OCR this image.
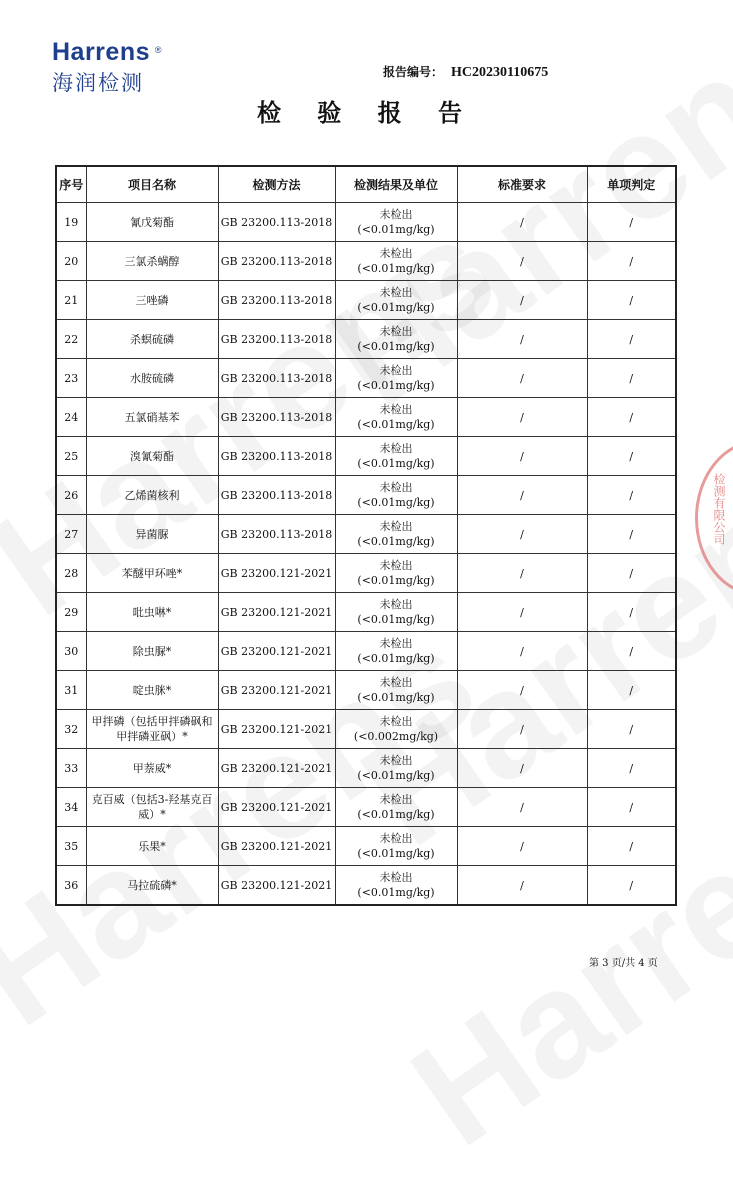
Harrens ®
海润检测	报告编号： HC20230110675
检 验 报 告
序号	项目名称	检测方法	检测结果及单位	标准要求	单项判定
19	氰戊菊酯	GB 23200.113-2018	未检出
(<0.01mg/kg)	/	/
20	三氯杀螨醇	GB 23200.113-2018	未检出
(<0.01mg/kg)	/	/
21	三唑磷	GB 23200.113-2018	未检出
(<0.01mg/kg)	/	/
22	杀螟硫磷	GB 23200.113-2018	未检出
(<0.01mg/kg)	/	/
23	水胺硫磷	GB 23200.113-2018	未检出
(<0.01mg/kg)	/	/
24	五氯硝基苯	GB 23200.113-2018	未检出
(<0.01mg/kg)	/	/
25	溴氰菊酯	GB 23200.113-2018	未检出
(<0.01mg/kg)	/	/
26	乙烯菌核利	GB 23200.113-2018	未检出
(<0.01mg/kg)	/	/
27	异菌脲	GB 23200.113-2018	未检出
(<0.01mg/kg)	/	/
28	苯醚甲环唑*	GB 23200.121-2021	未检出
(<0.01mg/kg)	/	/
29	吡虫啉*	GB 23200.121-2021	未检出
(<0.01mg/kg)	/	/
30	除虫脲*	GB 23200.121-2021	未检出
(<0.01mg/kg)	/	/
31	啶虫脒*	GB 23200.121-2021	未检出
(<0.01mg/kg)	/	/
32	甲拌磷（包括甲拌磷砜和甲拌磷亚砜）*	GB 23200.121-2021	未检出
(<0.002mg/kg)	/	/
33	甲萘威*	GB 23200.121-2021	未检出
(<0.01mg/kg)	/	/
34	克百威（包括3-羟基克百威）*	GB 23200.121-2021	未检出
(<0.01mg/kg)	/	/
35	乐果*	GB 23200.121-2021	未检出
(<0.01mg/kg)	/	/
36	马拉硫磷*	GB 23200.121-2021	未检出
(<0.01mg/kg)	/	/
检测有限公司
第 3 页/共 4 页
